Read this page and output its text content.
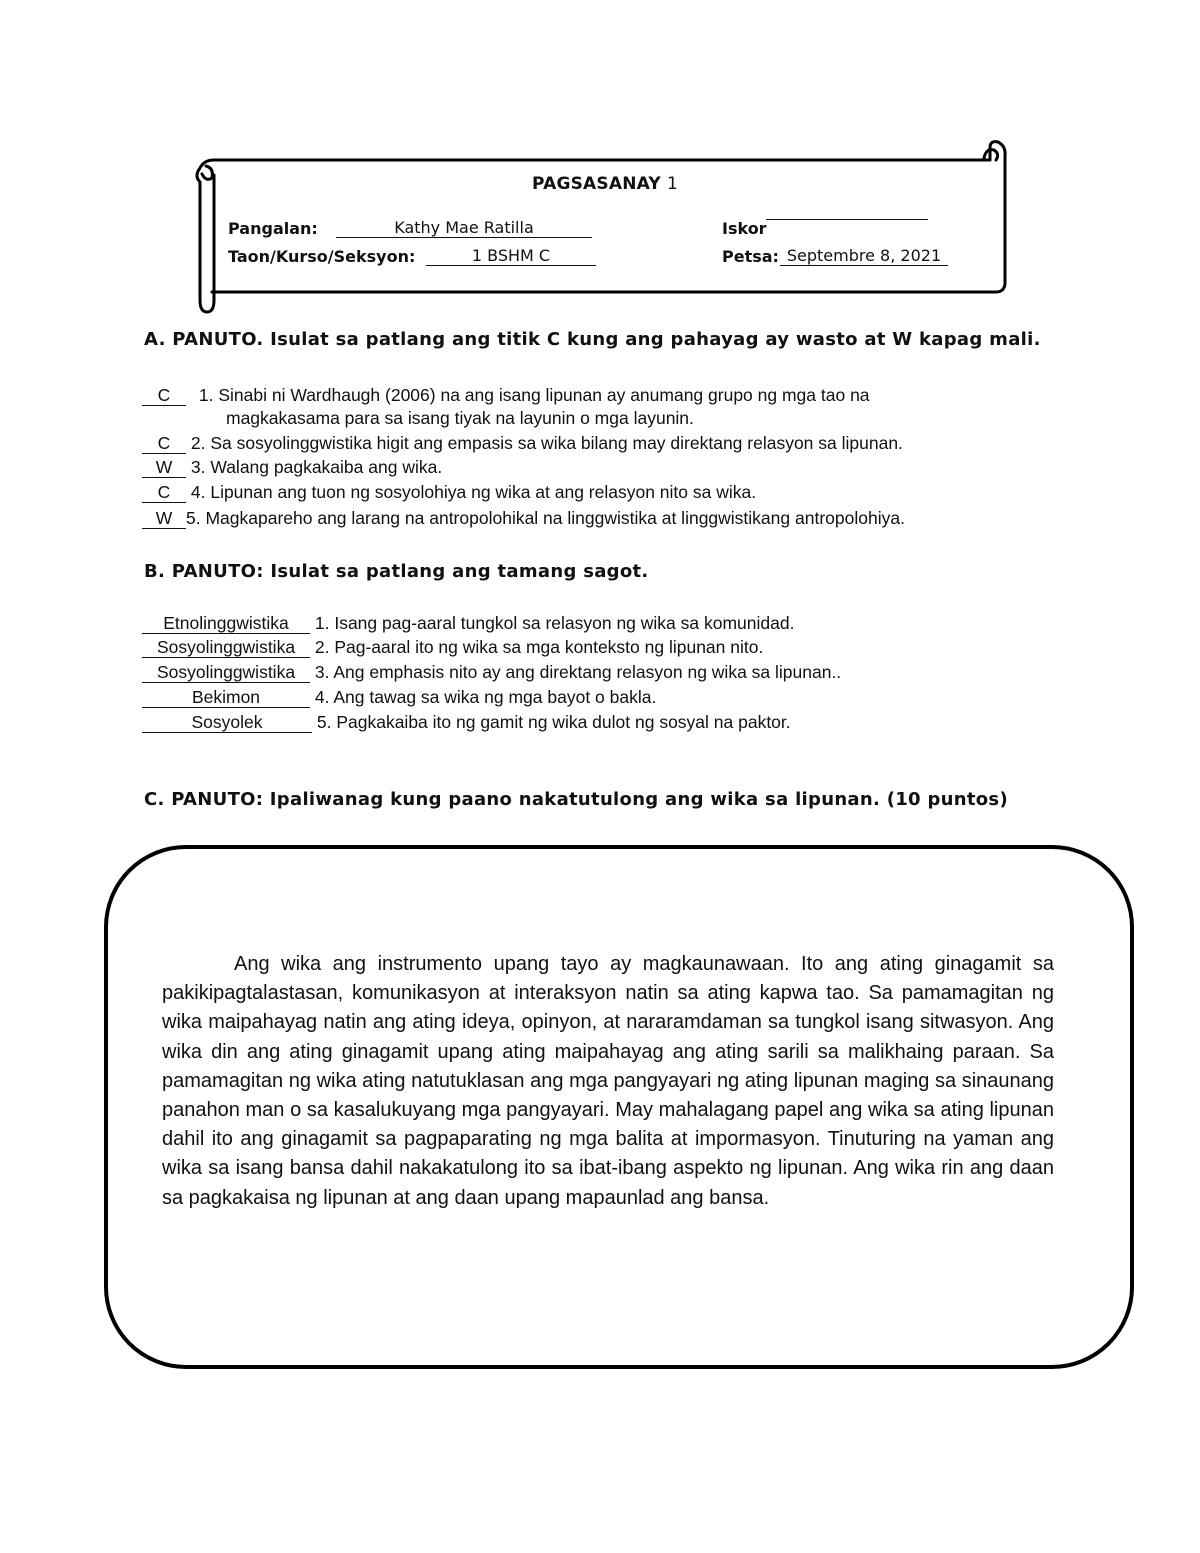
PAGSASANAY 1
Pangalan:	Kathy Mae Ratilla	Iskor
Taon/Kurso/Seksyon:	1 BSHM C	Petsa: Septembre 8, 2021
A. PANUTO. Isulat sa patlang ang titik C kung ang pahayag ay wasto at W kapag mali.
C 1. Sinabi ni Wardhaugh (2006) na ang isang lipunan ay anumang grupo ng mga tao na
magkakasama para sa isang tiyak na layunin o mga layunin.
C 2. Sa sosyolinggwistika higit ang empasis sa wika bilang may direktang relasyon sa lipunan.
W 3. Walang pagkakaiba ang wika.
C 4. Lipunan ang tuon ng sosyolohiya ng wika at ang relasyon nito sa wika.
W 5. Magkapareho ang larang na antropolohikal na linggwistika at linggwistikang antropolohiya.
B. PANUTO: Isulat sa patlang ang tamang sagot.
Etnolinggwistika 1. Isang pag-aaral tungkol sa relasyon ng wika sa komunidad.
Sosyolinggwistika 2. Pag-aaral ito ng wika sa mga konteksto ng lipunan nito.
Sosyolinggwistika 3. Ang emphasis nito ay ang direktang relasyon ng wika sa lipunan..
Bekimon	4. Ang tawag sa wika ng mga bayot o bakla.
Sosyolek	5. Pagkakaiba ito ng gamit ng wika dulot ng sosyal na paktor.
C. PANUTO: Ipaliwanag kung paano nakatutulong ang wika sa lipunan. (10 puntos)
Ang wika ang instrumento upang tayo ay magkaunawaan. Ito ang ating ginagamit sa pakikipagtalastasan, komunikasyon at interaksyon natin sa ating kapwa tao. Sa pamamagitan ng wika maipahayag natin ang ating ideya, opinyon, at nararamdaman sa tungkol isang sitwasyon. Ang wika din ang ating ginagamit upang ating maipahayag ang ating sarili sa malikhaing paraan. Sa pamamagitan ng wika ating natutuklasan ang mga pangyayari ng ating lipunan maging sa sinaunang panahon man o sa kasalukuyang mga pangyayari. May mahalagang papel ang wika sa ating lipunan dahil ito ang ginagamit sa pagpaparating ng mga balita at impormasyon. Tinuturing na yaman ang wika sa isang bansa dahil nakakatulong ito sa ibat-ibang aspekto ng lipunan. Ang wika rin ang daan sa pagkakaisa ng lipunan at ang daan upang mapaunlad ang bansa.
